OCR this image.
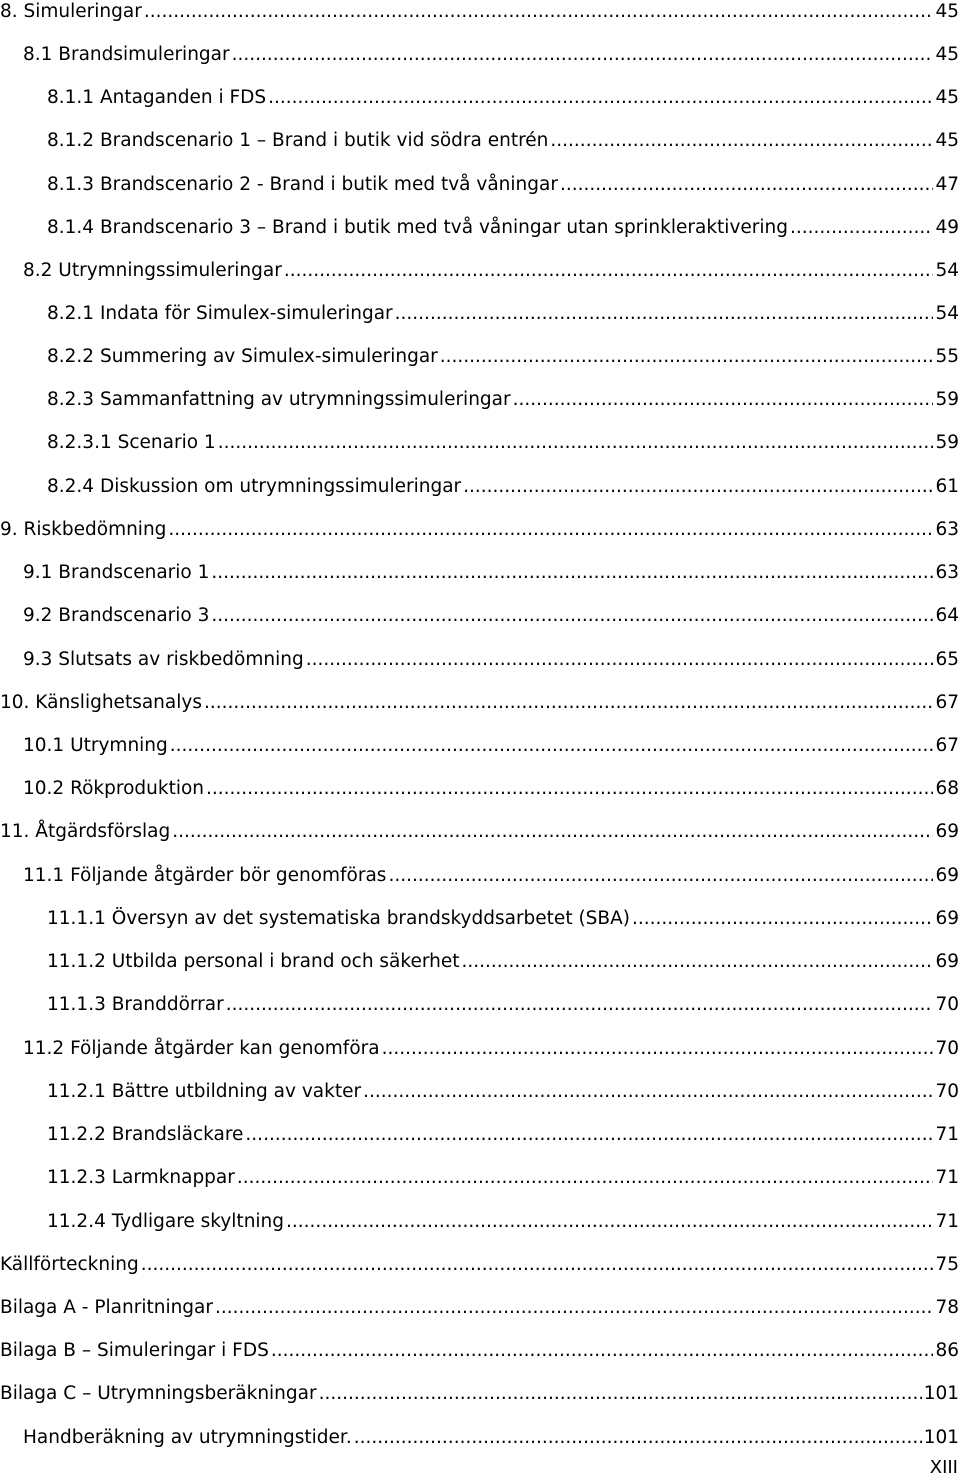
8. Simuleringar .....	45
8.1 Brandsimuleringar .....	45
8.1.1 Antaganden i FDS .....	45
8.1.2 Brandscenario 1 – Brand i butik vid södra entrén .....	45
8.1.3 Brandscenario 2 - Brand i butik med två våningar .....	47
8.1.4 Brandscenario 3 – Brand i butik med två våningar utan sprinkleraktivering .....	49
8.2 Utrymningssimuleringar .....	54
8.2.1 Indata för Simulex-simuleringar .....	54
8.2.2 Summering av Simulex-simuleringar .....	55
8.2.3 Sammanfattning av utrymningssimuleringar .....	59
8.2.3.1 Scenario 1 .....	59
8.2.4 Diskussion om utrymningssimuleringar .....	61
9. Riskbedömning .....	63
9.1 Brandscenario 1 .....	63
9.2 Brandscenario 3 .....	64
9.3 Slutsats av riskbedömning .....	65
10. Känslighetsanalys .....	67
10.1 Utrymning .....	67
10.2 Rökproduktion .....	68
11. Åtgärdsförslag .....	69
11.1 Följande åtgärder bör genomföras .....	69
11.1.1 Översyn av det systematiska brandskyddsarbetet (SBA) .....	69
11.1.2 Utbilda personal i brand och säkerhet .....	69
11.1.3 Branddörrar .....	70
11.2 Följande åtgärder kan genomföra .....	70
11.2.1 Bättre utbildning av vakter .....	70
11.2.2 Brandsläckare .....	71
11.2.3 Larmknappar .....	71
11.2.4 Tydligare skyltning .....	71
Källförteckning .....	75
Bilaga A - Planritningar .....	78
Bilaga B – Simuleringar i FDS .....	86
Bilaga C – Utrymningsberäkningar .....	101
Handberäkning av utrymningstider. .....	101
XIII
